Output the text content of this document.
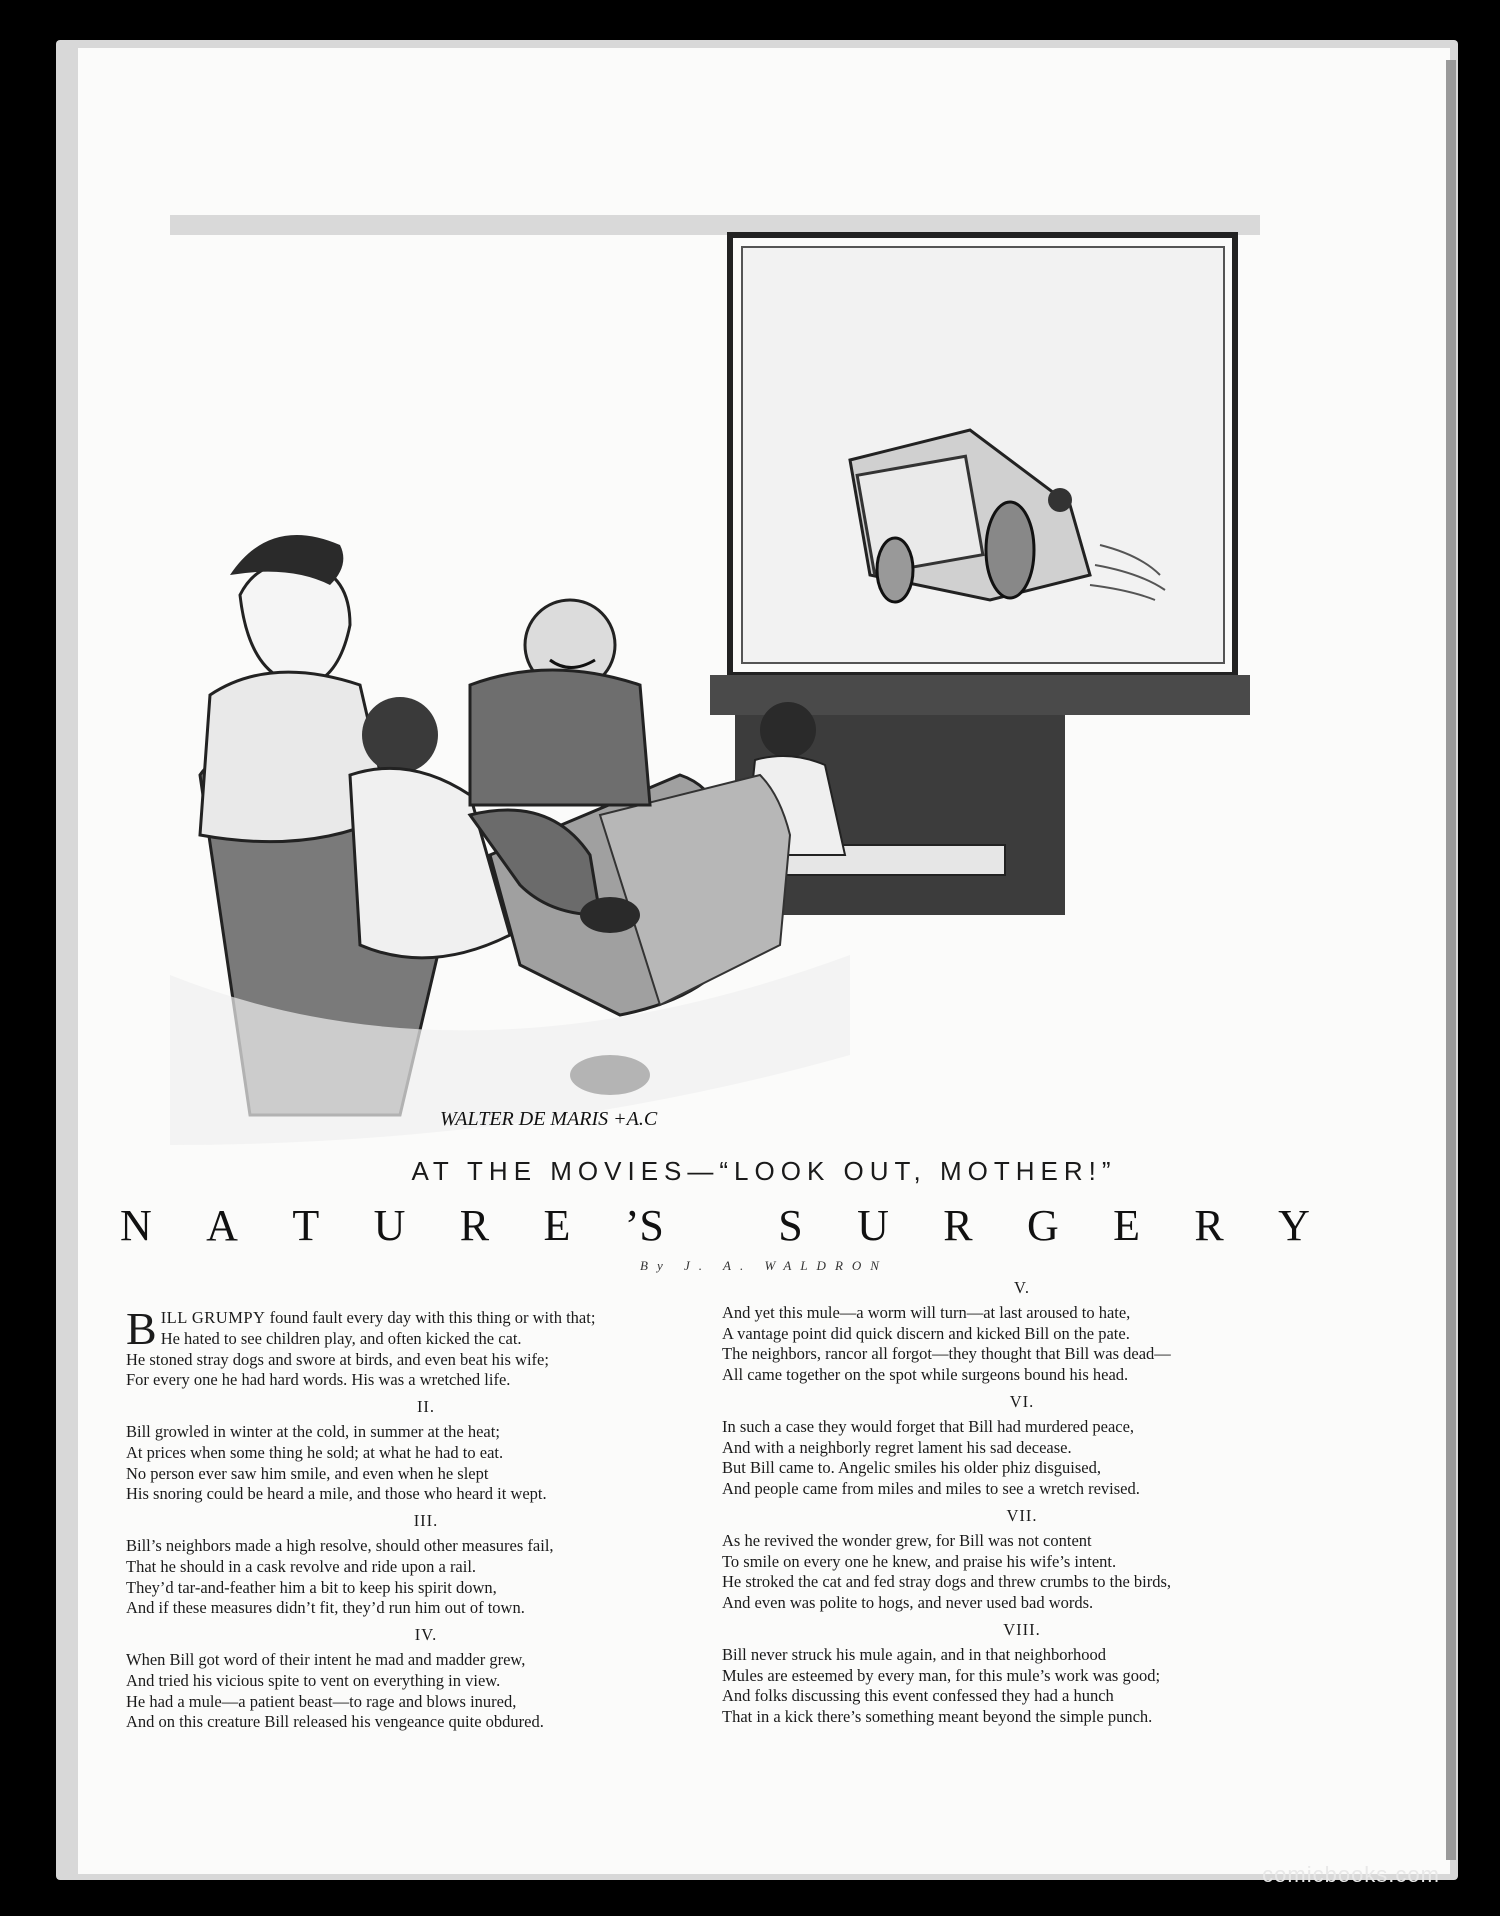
WALTER DE MARIS +A.C
AT THE MOVIES—“LOOK OUT, MOTHER!”
N A T U R E ’S	S U R G E R Y
By J. A. WALDRON
B ILL GRUMPY found fault every day with this thing or with that;

He hated to see children play, and often kicked the cat.

He stoned stray dogs and swore at birds, and even beat his wife;

For every one he had hard words. His was a wretched life.

II.

Bill growled in winter at the cold, in summer at the heat;

At prices when some thing he sold; at what he had to eat.

No person ever saw him smile, and even when he slept

His snoring could be heard a mile, and those who heard it wept.

III.

Bill’s neighbors made a high resolve, should other measures fail,

That he should in a cask revolve and ride upon a rail.

They’d tar-and-feather him a bit to keep his spirit down,

And if these measures didn’t fit, they’d run him out of town.

IV.

When Bill got word of their intent he mad and madder grew,

And tried his vicious spite to vent on everything in view.

He had a mule—a patient beast—to rage and blows inured,

And on this creature Bill released his vengeance quite obdured.

V.

And yet this mule—a worm will turn—at last aroused to hate,

A vantage point did quick discern and kicked Bill on the pate.

The neighbors, rancor all forgot—they thought that Bill was dead—

All came together on the spot while surgeons bound his head.

VI.

In such a case they would forget that Bill had murdered peace,

And with a neighborly regret lament his sad decease.

But Bill came to. Angelic smiles his older phiz disguised,

And people came from miles and miles to see a wretch revised.

VII.

As he revived the wonder grew, for Bill was not content

To smile on every one he knew, and praise his wife’s intent.

He stroked the cat and fed stray dogs and threw crumbs to the birds,

And even was polite to hogs, and never used bad words.

VIII.

Bill never struck his mule again, and in that neighborhood

Mules are esteemed by every man, for this mule’s work was good;

And folks discussing this event confessed they had a hunch

That in a kick there’s something meant beyond the simple punch.

comicbooks.com
